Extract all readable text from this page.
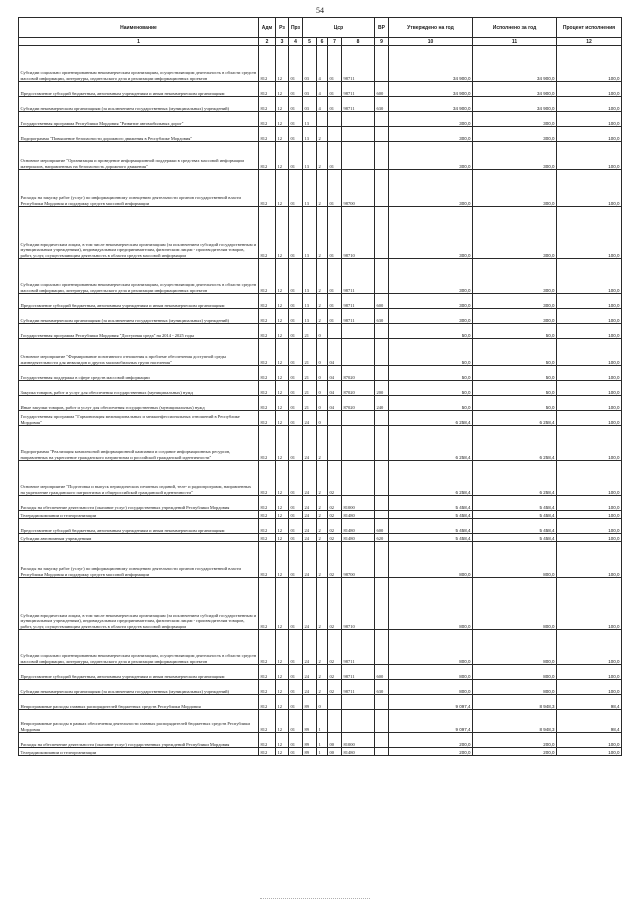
54
Наименование	Адм	Рз	Прз	Цср				ВР	Утверждено на год	Исполнено за год	Процент исполнения
1	2	3	4	5	6	7	8	9	10	11	12
Субсидии социально ориентированным некоммерческим организациям, осуществляющим деятельность в области средств массовой информации, литературы, издательского дела и реализации информационных проектов	812	12	01	03	4	01	98711		34 900,0	34 900,0	100,0
Предоставление субсидий бюджетным, автономным учреждениям и иным некоммерческим организациям	812	12	01	03	4	01	98711	600	34 900,0	34 900,0	100,0
Субсидии некоммерческим организациям (за исключением государственных (муниципальных) учреждений)	812	12	01	03	4	01	98711	630	34 900,0	34 900,0	100,0
Государственная программа Республики Мордовия "Развитие автомобильных дорог"	812	12	01	13					300,0	300,0	100,0
Подпрограмма "Повышение безопасности дорожного движения в Республике Мордовия"	812	12	01	13	2				300,0	300,0	100,0
Основное мероприятие "Организация и проведение информационной поддержки в средствах массовой информации материалов, направленных на безопасность дорожного движения"	812	12	01	13	2	01			300,0	300,0	100,0
Расходы на закупку работ (услуг) по информационному освещению деятельности органов государственной власти Республики Мордовия и поддержку средств массовой информации	812	12	01	13	2	01	98700		300,0	300,0	100,0
Субсидии юридическим лицам, в том числе некоммерческим организациям (за исключением субсидий государственным и муниципальным учреждениям), индивидуальным предпринимателям, физическим лицам - производителям товаров, работ, услуг, осуществляющим деятельность в области средств массовой информации	812	12	01	13	2	01	98710		300,0	300,0	100,0
Субсидии социально ориентированным некоммерческим организациям, осуществляющим деятельность в области средств массовой информации, литературы, издательского дела и реализации информационных проектов	812	12	01	13	2	01	98711		300,0	300,0	100,0
Предоставление субсидий бюджетным, автономным учреждениям и иным некоммерческим организациям	812	12	01	13	2	01	98711	600	300,0	300,0	100,0
Субсидии некоммерческим организациям (за исключением государственных (муниципальных) учреждений)	812	12	01	13	2	01	98711	630	300,0	300,0	100,0
Государственная программа Республики Мордовия "Доступная среда" на 2014 - 2025 годы	812	12	01	21	0				50,0	50,0	100,0
Основное мероприятие "Формирование позитивного отношения к проблеме обеспечения доступной среды жизнедеятельности для инвалидов и других маломобильных групп населения"	812	12	01	21	0	04			50,0	50,0	100,0
Государственная поддержка в сфере средств массовой информации	812	12	01	21	0	04	87020		50,0	50,0	100,0
Закупка товаров, работ и услуг для обеспечения государственных (муниципальных) нужд	812	12	01	21	0	04	87020	200	50,0	50,0	100,0
Иные закупки товаров, работ и услуг для обеспечения государственных (муниципальных) нужд	812	12	01	21	0	04	87020	240	50,0	50,0	100,0
Государственная программа "Гармонизация межнациональных и межконфессиональных отношений в Республике Мордовия"	812	12	01	24	0				6 258,4	6 258,4	100,0
Подпрограмма "Реализация комплексной информационной кампании и создание информационных ресурсов, направленных на укрепление гражданского патриотизма и российской гражданской идентичности"	812	12	01	24	2				6 258,4	6 258,4	100,0
Основное мероприятие "Подготовка и выпуск периодических печатных изданий, теле- и радиопрограмм, направленных на укрепление гражданского патриотизма и общероссийской гражданской идентичности"	812	12	01	24	2	02			6 258,4	6 258,4	100,0
Расходы на обеспечение деятельности (оказание услуг) государственных учреждений Республики Мордовия	812	12	01	24	2	02	81000		5 458,4	5 458,4	100,0
Телерадиокомпании и телеорганизации	812	12	01	24	2	02	81480		5 458,4	5 458,4	100,0
Предоставление субсидий бюджетным, автономным учреждениям и иным некоммерческим организациям	812	12	01	24	2	02	81480	600	5 458,4	5 458,4	100,0
Субсидии автономным учреждениям	812	12	01	24	2	02	81480	620	5 458,4	5 458,4	100,0
Расходы на закупку работ (услуг) по информационному освещению деятельности органов государственной власти Республики Мордовия и поддержку средств массовой информации	812	12	01	24	2	02	98700		800,0	800,0	100,0
Субсидии юридическим лицам, в том числе некоммерческим организациям (за исключением субсидий государственным и муниципальным учреждениям), индивидуальным предпринимателям, физическим лицам - производителям товаров, работ, услуг, осуществляющим деятельность в области средств массовой информации	812	12	01	24	2	02	98710		800,0	800,0	100,0
Субсидии социально ориентированным некоммерческим организациям, осуществляющим деятельность в области средств массовой информации, литературы, издательского дела и реализации информационных проектов	812	12	01	24	2	02	98711		800,0	800,0	100,0
Предоставление субсидий бюджетным, автономным учреждениям и иным некоммерческим организациям	812	12	01	24	2	02	98711	600	800,0	800,0	100,0
Субсидии некоммерческим организациям (за исключением государственных (муниципальных) учреждений)	812	12	01	24	2	02	98711	630	800,0	800,0	100,0
Непрограммные расходы главных распорядителей бюджетных средств Республики Мордовия	812	12	01	89	0				9 097,4	8 948,3	98,4
Непрограммные расходы в рамках обеспечения деятельности главных распорядителей бюджетных средств Республики Мордовия	812	12	01	89	1				9 097,4	8 948,3	98,4
Расходы на обеспечение деятельности (оказание услуг) государственных учреждений Республики Мордовия	812	12	01	89	1	00	81000		200,0	200,0	100,0
Телерадиокомпании и телеорганизации	812	12	01	89	1	00	81480		200,0	200,0	100,0
